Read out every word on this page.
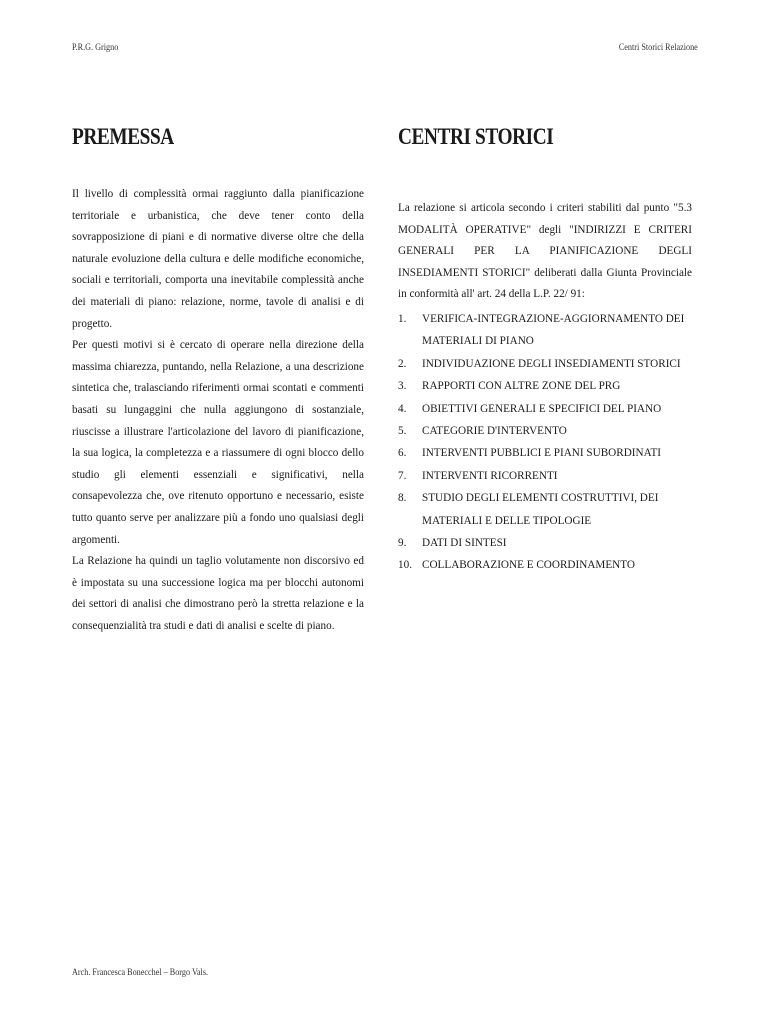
P.R.G. Grigno	Centri Storici Relazione
PREMESSA

Il livello di complessità ormai raggiunto dalla pianificazione territoriale e urbanistica, che deve tener conto della sovrapposizione di piani e di normative diverse oltre che della naturale evoluzione della cultura e delle modifiche economiche, sociali e territoriali, comporta una inevitabile complessità anche dei materiali di piano: relazione, norme, tavole di analisi e di progetto.

Per questi motivi si è cercato di operare nella direzione della massima chiarezza, puntando, nella Relazione, a una descrizione sintetica che, tralasciando riferimenti ormai scontati e commenti basati su lungaggini che nulla aggiungono di sostanziale, riuscisse a illustrare l'articolazione del lavoro di pianificazione, la sua logica, la completezza e a riassumere di ogni blocco dello studio gli elementi essenziali e significativi, nella consapevolezza che, ove ritenuto opportuno e necessario, esiste tutto quanto serve per analizzare più a fondo uno qualsiasi degli argomenti.

La Relazione ha quindi un taglio volutamente non discorsivo ed è impostata su una successione logica ma per blocchi autonomi dei settori di analisi che dimostrano però la stretta relazione e la consequenzialità tra studi e dati di analisi e scelte di piano.

CENTRI STORICI

La relazione si articola secondo i criteri stabiliti dal punto "5.3 MODALITÀ OPERATIVE" degli "INDIRIZZI E CRITERI GENERALI PER LA PIANIFICAZIONE DEGLI INSEDIAMENTI STORICI" deliberati dalla Giunta Provinciale in conformità all' art. 24 della L.P. 22/ 91:

1.	VERIFICA-INTEGRAZIONE-AGGIORNAMENTO DEI MATERIALI DI PIANO
2.	INDIVIDUAZIONE DEGLI INSEDIAMENTI STORICI
3.	RAPPORTI CON ALTRE ZONE DEL PRG
4.	OBIETTIVI GENERALI E SPECIFICI DEL PIANO
5.	CATEGORIE D'INTERVENTO
6.	INTERVENTI PUBBLICI E PIANI SUBORDINATI
7.	INTERVENTI RICORRENTI
8.	STUDIO DEGLI ELEMENTI COSTRUTTIVI, DEI MATERIALI E DELLE TIPOLOGIE
9.	DATI DI SINTESI
10. COLLABORAZIONE E COORDINAMENTO
Arch. Francesca Bonecchel – Borgo Vals.
